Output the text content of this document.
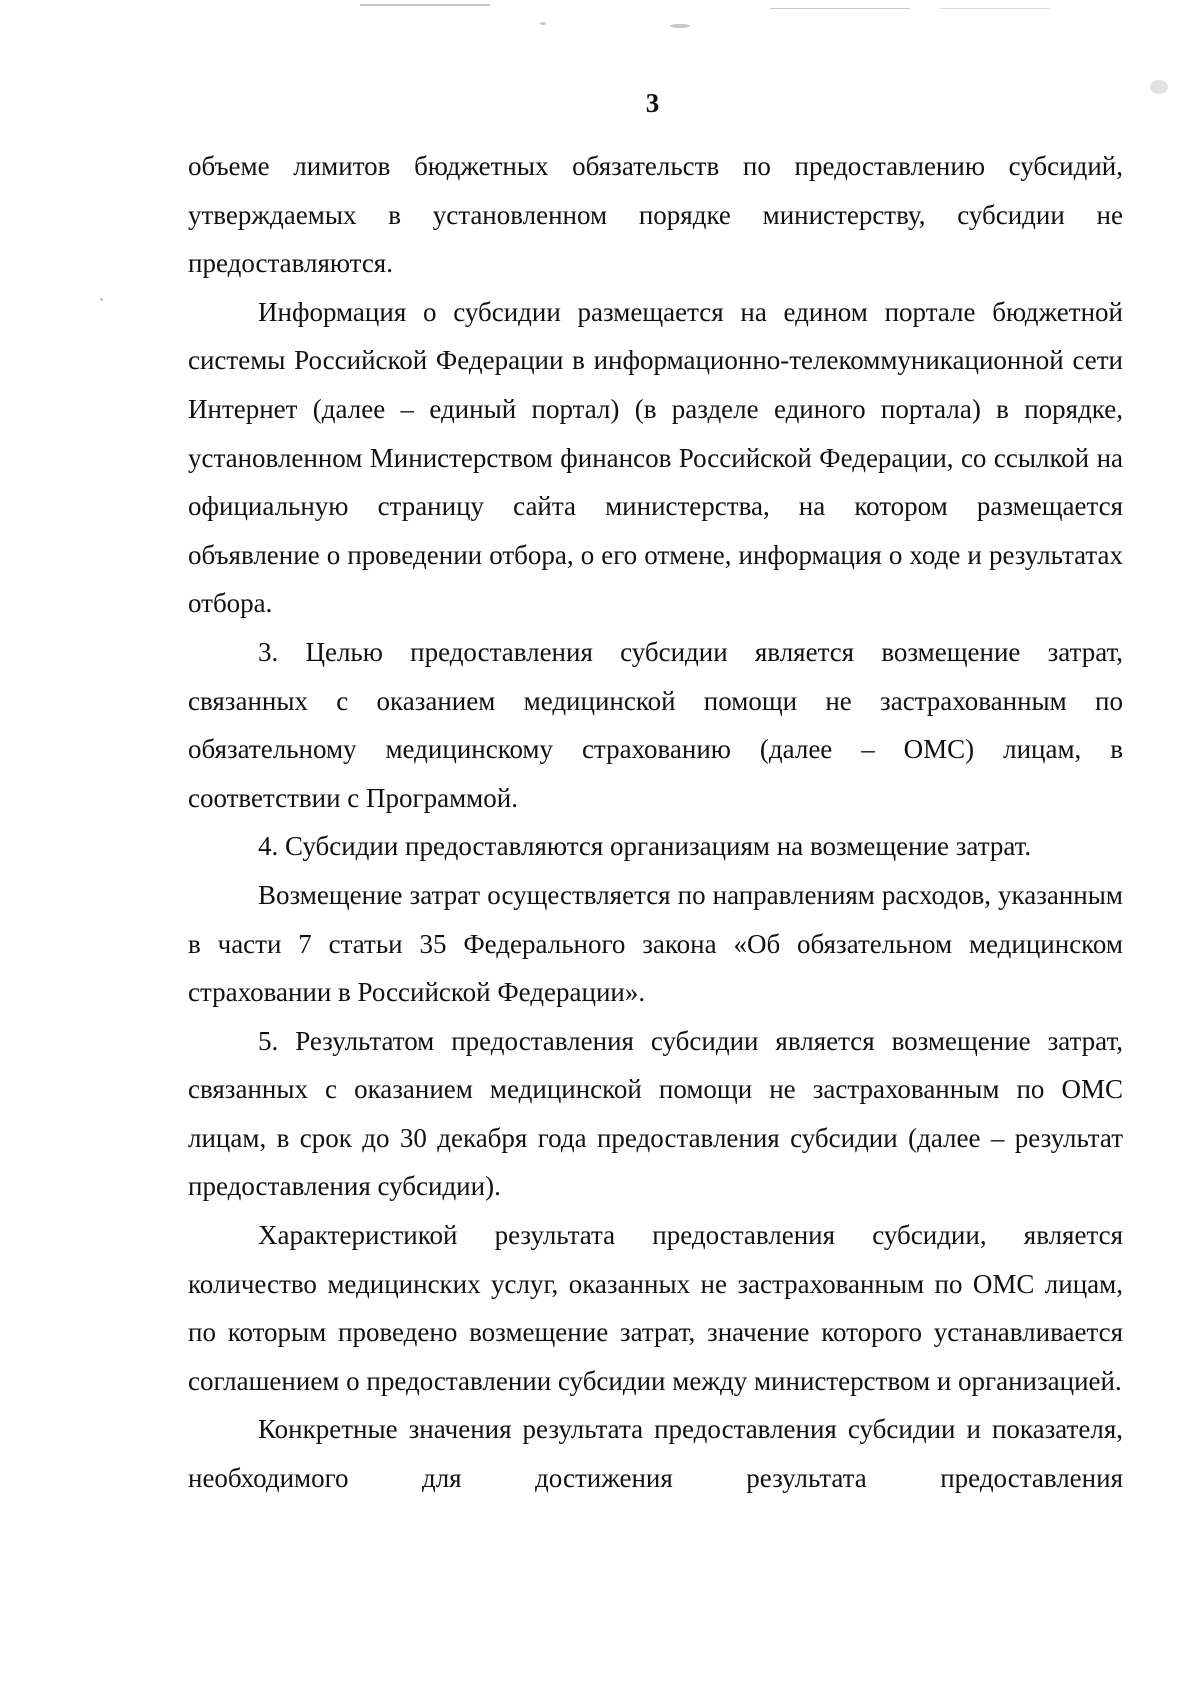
3

объеме лимитов бюджетных обязательств по предоставлению субсидий, утверждаемых в установленном порядке министерству, субсидии не предоставляются.

Информация о субсидии размещается на едином портале бюджетной системы Российской Федерации в информационно-телекоммуникационной сети Интернет (далее – единый портал) (в разделе единого портала) в порядке, установленном Министерством финансов Российской Федерации, со ссылкой на официальную страницу сайта министерства, на котором размещается объявление о проведении отбора, о его отмене, информация о ходе и результатах отбора.

3. Целью предоставления субсидии является возмещение затрат, связанных с оказанием медицинской помощи не застрахованным по обязательному медицинскому страхованию (далее – ОМС) лицам, в соответствии с Программой.

4. Субсидии предоставляются организациям на возмещение затрат.

Возмещение затрат осуществляется по направлениям расходов, указанным в части 7 статьи 35 Федерального закона «Об обязательном медицинском страховании в Российской Федерации».

5. Результатом предоставления субсидии является возмещение затрат, связанных с оказанием медицинской помощи не застрахованным по ОМС лицам, в срок до 30 декабря года предоставления субсидии (далее – результат предоставления субсидии).

Характеристикой результата предоставления субсидии, является количество медицинских услуг, оказанных не застрахованным по ОМС лицам, по которым проведено возмещение затрат, значение которого устанавливается соглашением о предоставлении субсидии между министерством и организацией.

Конкретные значения результата предоставления субсидии и показателя, необходимого для достижения результата предоставления
